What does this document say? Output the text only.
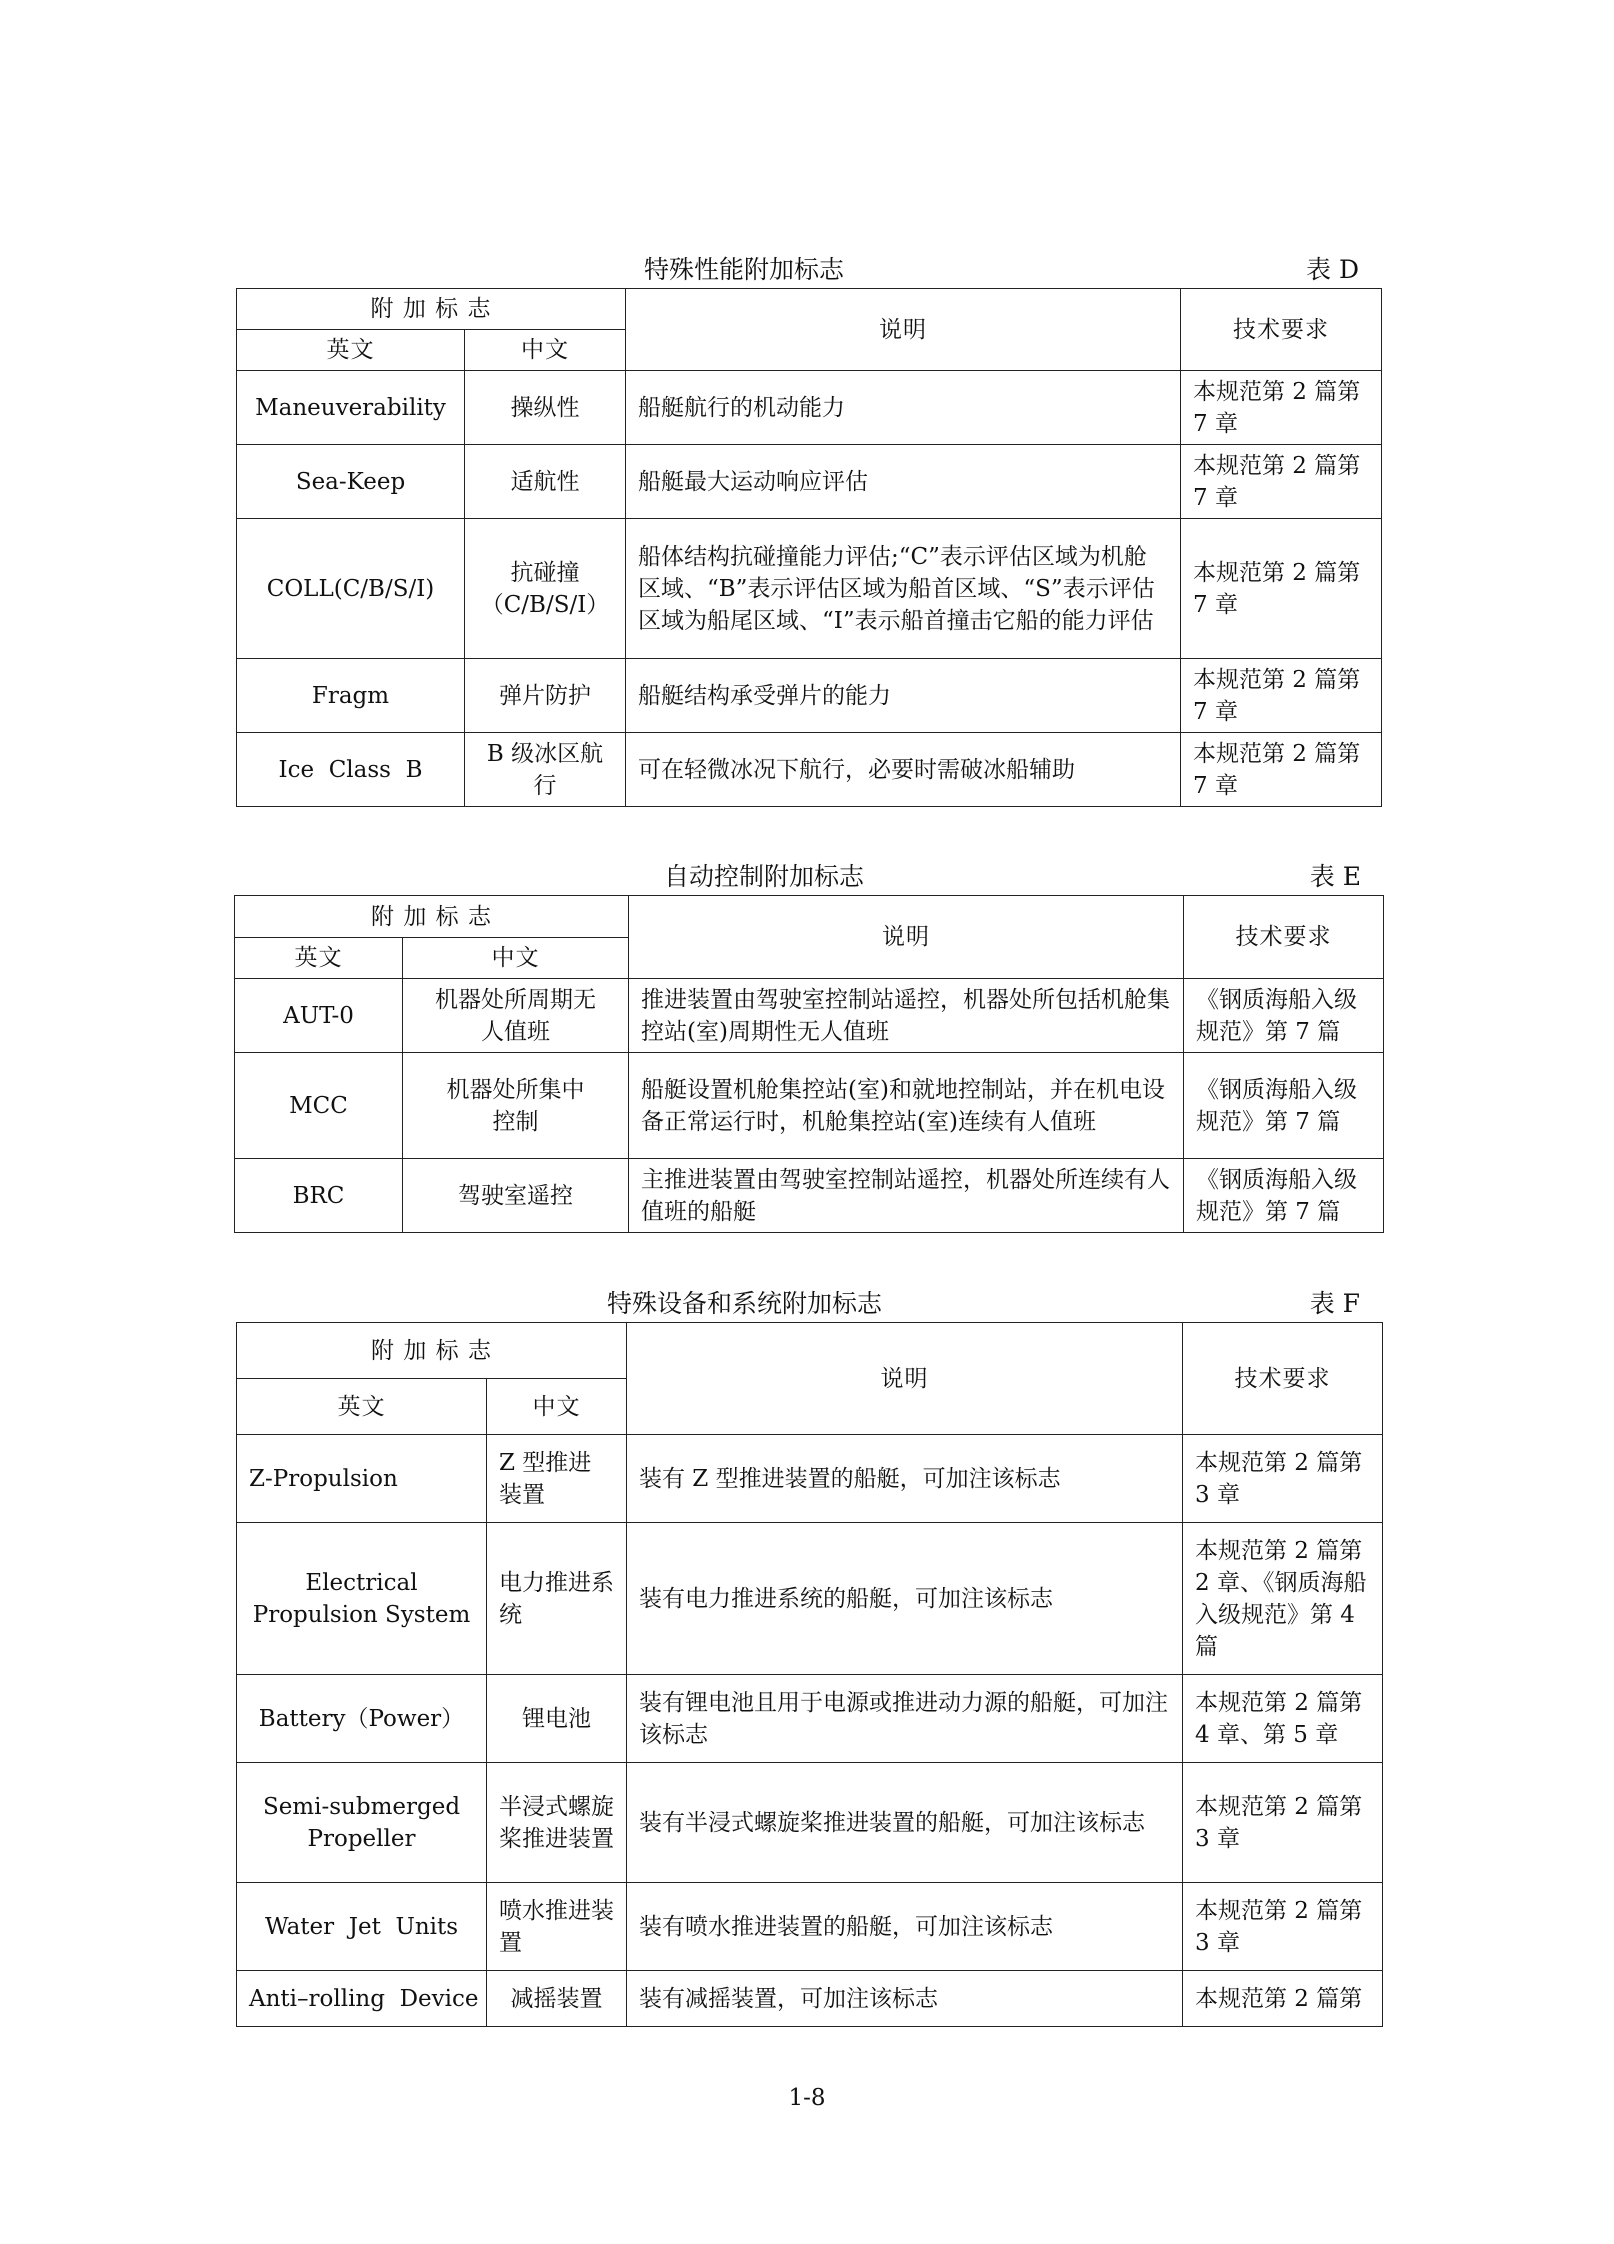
特殊性能附加标志	表 D
附 加 标 志		说明	技术要求
英文	中文		
Maneuverability	操纵性	船艇航行的机动能力	本规范第 2 篇第 7 章
Sea-Keep	适航性	船艇最大运动响应评估	本规范第 2 篇第 7 章
COLL(C/B/S/I)	抗碰撞（C/B/S/I）	船体结构抗碰撞能力评估;“C”表示评估区域为机舱区域、“B”表示评估区域为船首区域、“S”表示评估区域为船尾区域、“I”表示船首撞击它船的能力评估	本规范第 2 篇第 7 章
Fragm	弹片防护	船艇结构承受弹片的能力	本规范第 2 篇第 7 章
Ice  Class  B	B 级冰区航行	可在轻微冰况下航行，必要时需破冰船辅助	本规范第 2 篇第 7 章
自动控制附加标志	表 E
附 加 标 志		说明	技术要求
英文	中文		
AUT-0	机器处所周期无人值班	推进装置由驾驶室控制站遥控，机器处所包括机舱集控站(室)周期性无人值班	《钢质海船入级规范》第 7 篇
MCC	机器处所集中控制	船艇设置机舱集控站(室)和就地控制站，并在机电设备正常运行时，机舱集控站(室)连续有人值班	《钢质海船入级规范》第 7 篇
BRC	驾驶室遥控	主推进装置由驾驶室控制站遥控，机器处所连续有人值班的船艇	《钢质海船入级规范》第 7 篇
特殊设备和系统附加标志	表 F
附 加 标 志		说明	技术要求
英文	中文		
Z-Propulsion	Z 型推进装置	装有 Z 型推进装置的船艇，可加注该标志	本规范第 2 篇第 3 章
Electrical  Propulsion System	电力推进系统	装有电力推进系统的船艇，可加注该标志	本规范第 2 篇第 2 章、《钢质海船入级规范》第 4 篇
Battery（Power）	锂电池	装有锂电池且用于电源或推进动力源的船艇，可加注该标志	本规范第 2 篇第 4 章、第 5 章
Semi-submerged Propeller	半浸式螺旋桨推进装置	装有半浸式螺旋桨推进装置的船艇，可加注该标志	本规范第 2 篇第 3 章
Water  Jet  Units	喷水推进装置	装有喷水推进装置的船艇，可加注该标志	本规范第 2 篇第 3 章
Anti–rolling  Device	减摇装置	装有减摇装置，可加注该标志	本规范第 2 篇第
1-8
